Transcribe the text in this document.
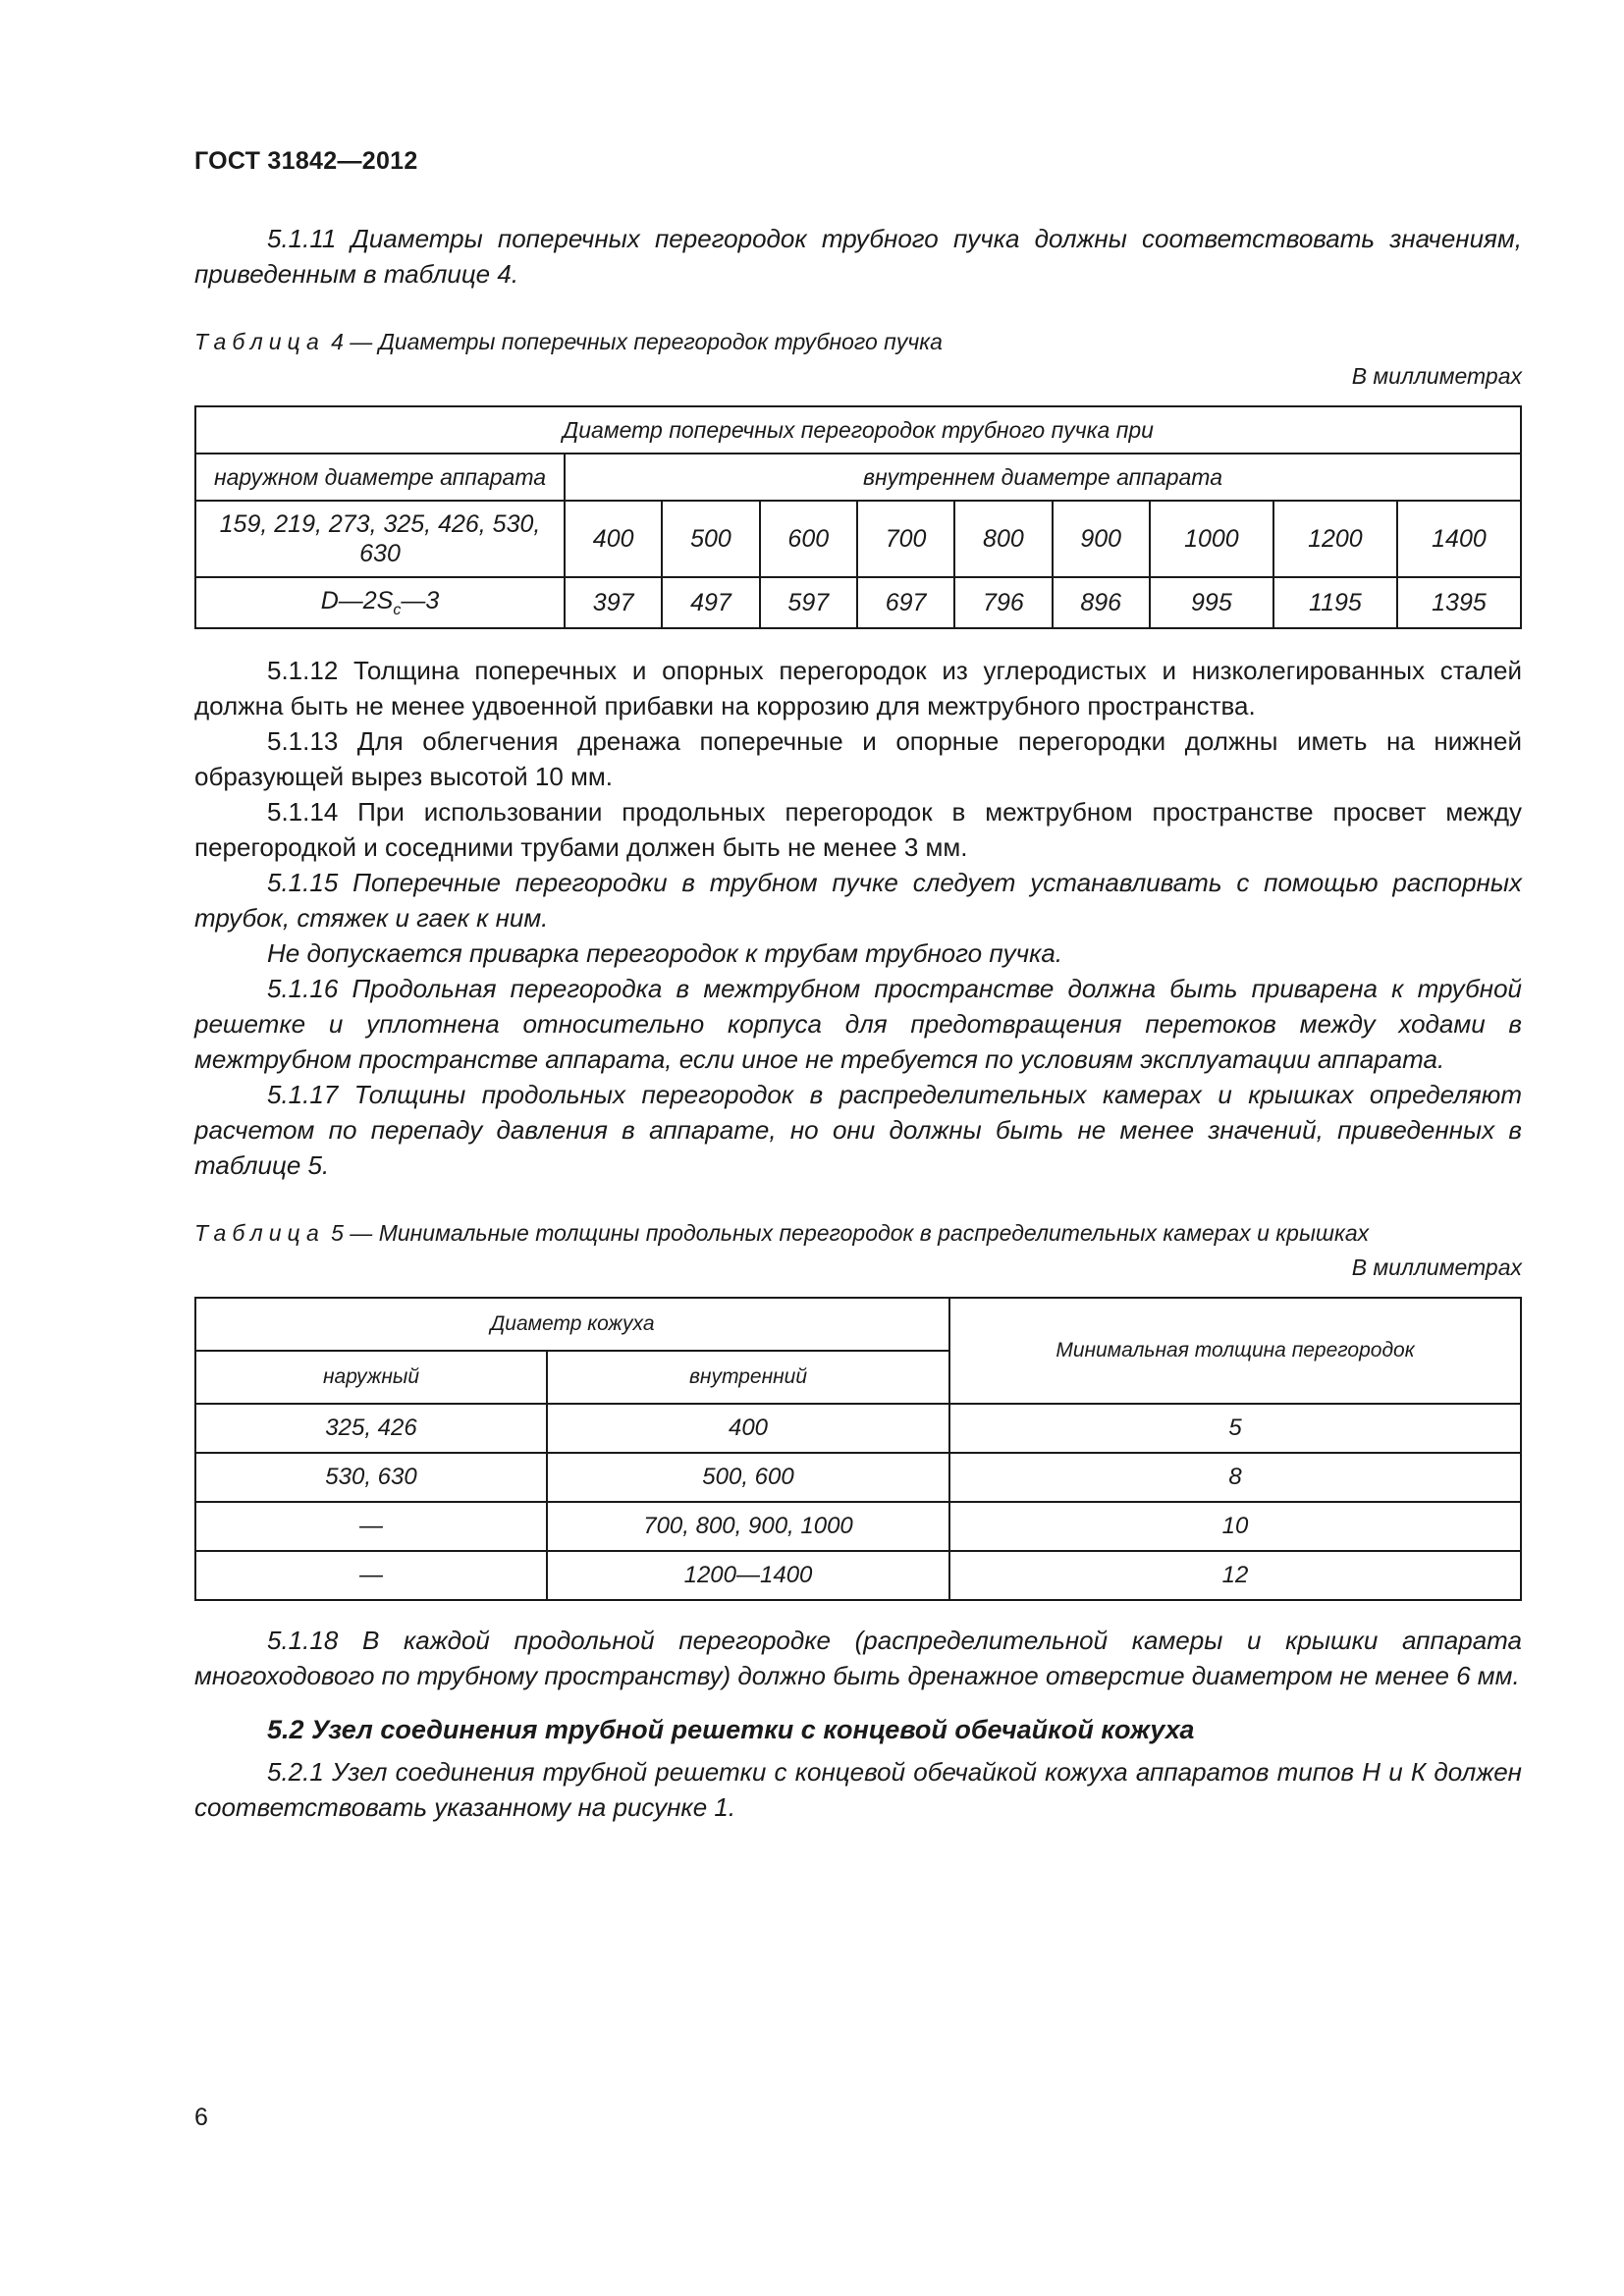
ГОСТ 31842—2012

5.1.11 Диаметры поперечных перегородок трубного пучка должны соответствовать значениям, приведенным в таблице 4.

Таблица 4 — Диаметры поперечных перегородок трубного пучка
В миллиметрах
Диаметр поперечных перегородок трубного пучка при									
наружном диаметре аппарата	внутреннем диаметре аппарата								
159, 219, 273, 325, 426, 530, 630	400	500	600	700	800	900	1000	1200	1400
$D—2S_c—3$	397	497	597	697	796	896	995	1195	1395

5.1.12 Толщина поперечных и опорных перегородок из углеродистых и низколегированных сталей должна быть не менее удвоенной прибавки на коррозию для межтрубного пространства.

5.1.13 Для облегчения дренажа поперечные и опорные перегородки должны иметь на нижней образующей вырез высотой 10 мм.

5.1.14 При использовании продольных перегородок в межтрубном пространстве просвет между перегородкой и соседними трубами должен быть не менее 3 мм.

5.1.15 Поперечные перегородки в трубном пучке следует устанавливать с помощью распорных трубок, стяжек и гаек к ним.

Не допускается приварка перегородок к трубам трубного пучка.

5.1.16 Продольная перегородка в межтрубном пространстве должна быть приварена к трубной решетке и уплотнена относительно корпуса для предотвращения перетоков между ходами в межтрубном пространстве аппарата, если иное не требуется по условиям эксплуатации аппарата.

5.1.17 Толщины продольных перегородок в распределительных камерах и крышках определяют расчетом по перепаду давления в аппарате, но они должны быть не менее значений, приведенных в таблице 5.

Таблица 5 — Минимальные толщины продольных перегородок в распределительных камерах и крышках
В миллиметрах
Диаметр кожуха		Минимальная толщина перегородок
наружный	внутренний	
325, 426	400	5
530, 630	500, 600	8
—	700, 800, 900, 1000	10
—	1200—1400	12

5.1.18 В каждой продольной перегородке (распределительной камеры и крышки аппарата многоходового по трубному пространству) должно быть дренажное отверстие диаметром не менее 6 мм.

5.2 Узел соединения трубной решетки с концевой обечайкой кожуха

5.2.1 Узел соединения трубной решетки с концевой обечайкой кожуха аппаратов типов Н и К должен соответствовать указанному на рисунке 1.

6
